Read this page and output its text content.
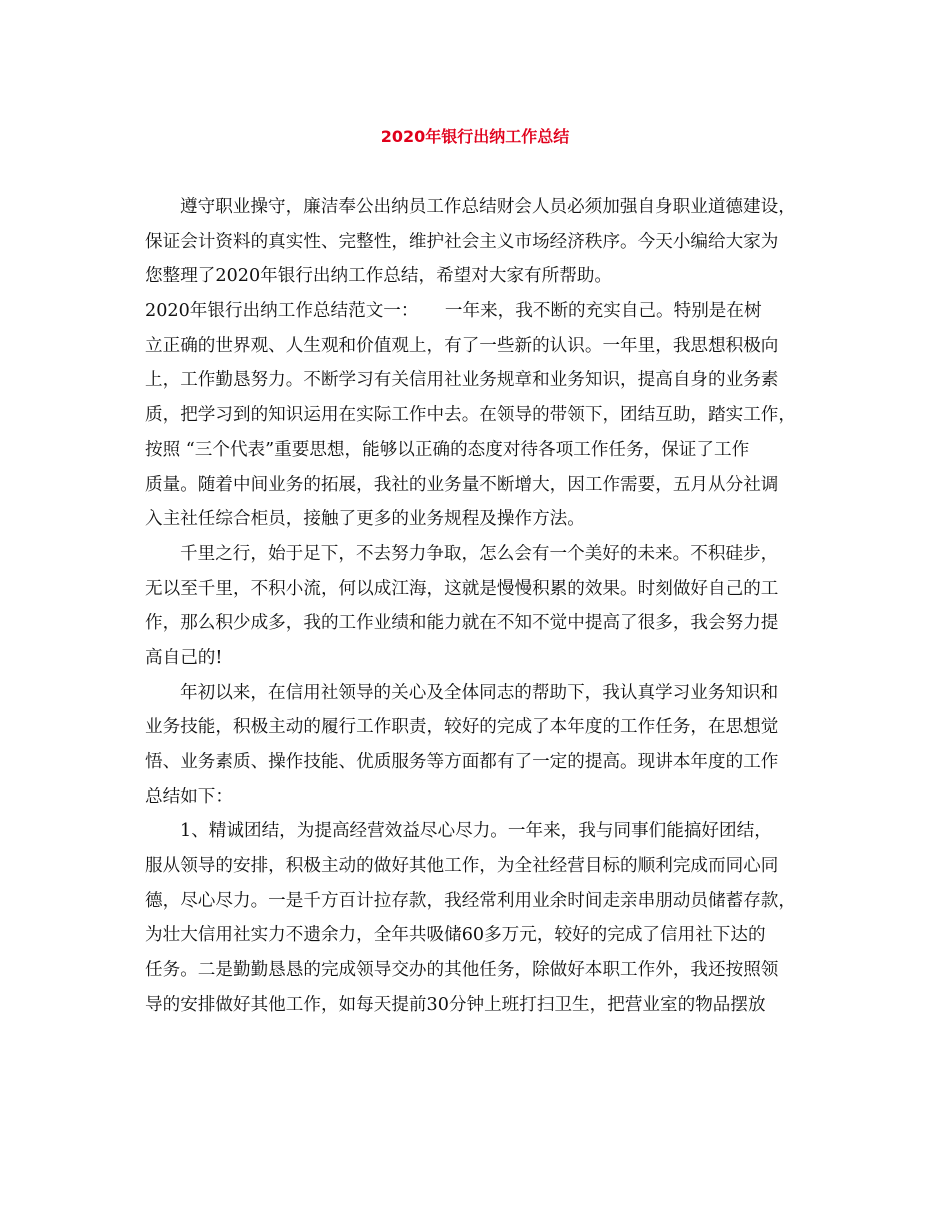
2020年银行出纳工作总结
遵守职业操守，廉洁奉公出纳员工作总结财会人员必须加强自身职业道德建设，
保证会计资料的真实性、完整性，维护社会主义市场经济秩序。今天小编给大家为
您整理了2020年银行出纳工作总结，希望对大家有所帮助。
2020年银行出纳工作总结范文一：　　一年来，我不断的充实自己。特别是在树
立正确的世界观、人生观和价值观上，有了一些新的认识。一年里，我思想积极向
上，工作勤恳努力。不断学习有关信用社业务规章和业务知识，提高自身的业务素
质，把学习到的知识运用在实际工作中去。在领导的带领下，团结互助，踏实工作，
按照 “三个代表”重要思想，能够以正确的态度对待各项工作任务，保证了工作
质量。随着中间业务的拓展，我社的业务量不断增大，因工作需要，五月从分社调
入主社任综合柜员，接触了更多的业务规程及操作方法。
千里之行，始于足下，不去努力争取，怎么会有一个美好的未来。不积硅步，
无以至千里，不积小流，何以成江海，这就是慢慢积累的效果。时刻做好自己的工
作，那么积少成多，我的工作业绩和能力就在不知不觉中提高了很多，我会努力提
高自己的!
年初以来，在信用社领导的关心及全体同志的帮助下，我认真学习业务知识和
业务技能，积极主动的履行工作职责，较好的完成了本年度的工作任务，在思想觉
悟、业务素质、操作技能、优质服务等方面都有了一定的提高。现讲本年度的工作
总结如下：
1、精诚团结，为提高经营效益尽心尽力。一年来，我与同事们能搞好团结，
服从领导的安排，积极主动的做好其他工作，为全社经营目标的顺利完成而同心同
德，尽心尽力。一是千方百计拉存款，我经常利用业余时间走亲串朋动员储蓄存款，
为壮大信用社实力不遗余力，全年共吸储60多万元，较好的完成了信用社下达的
任务。二是勤勤恳恳的完成领导交办的其他任务，除做好本职工作外，我还按照领
导的安排做好其他工作，如每天提前30分钟上班打扫卫生，把营业室的物品摆放
